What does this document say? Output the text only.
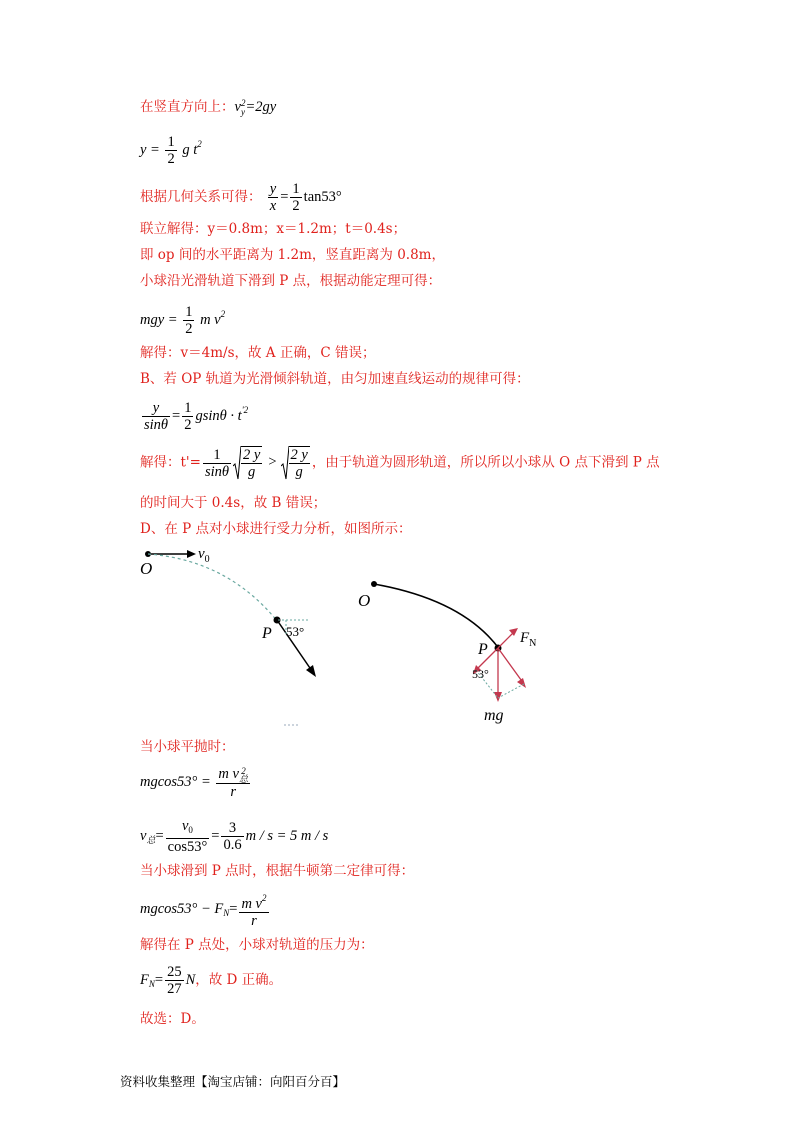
在竖直方向上：v 2
y =2gy
$y = \frac{1}{2}$ g $t^2$
根据几何关系可得： $\frac{y}{x} = \frac{1}{2} \tan 53^\circ$
联立解得：y＝0.8m；x＝1.2m；t＝0.4s；
即 op 间的水平距离为 1.2m，竖直距离为 0.8m，
小球沿光滑轨道下滑到 P 点，根据动能定理可得：
mgy = $\frac{1}{2}$ m $v^2$
解得：v＝4m/s，故 A 正确，C 错误；
B、若 OP 轨道为光滑倾斜轨道，由匀加速直线运动的规律可得：
$\frac{y}{\sin\theta} = \frac{1}{2}$ $gsin\theta \cdot t^{'2}$
解得：$t'= \frac{1}{\sin\theta} \frac{2 y}{g} > \frac{2 y}{g}$ ，由于轨道为圆形轨道，所以所以小球从 O 点下滑到 P 点
的时间大于 0.4s，故 B 错误；
D、在 P 点对小球进行受力分析，如图所示：
O
$v_0$
P 53°
O
P
$F_N$
53°
mg
当小球平抛时：
mgcos53° = m v 2
总
r
$v_总= \frac{v_0}{\cos 53^\circ} = \frac{3}{0.6}$ m / s = 5 m / s
当小球滑到 P 点时，根据牛顿第二定律可得：
$mgcos53^\circ - F_N= \frac{m v^2}{r}$
解得在 P 点处，小球对轨道的压力为：
$F_N= \frac{25}{27}$ N，故 D 正确。
故选：D。
资料收集整理【淘宝店铺：向阳百分百】
